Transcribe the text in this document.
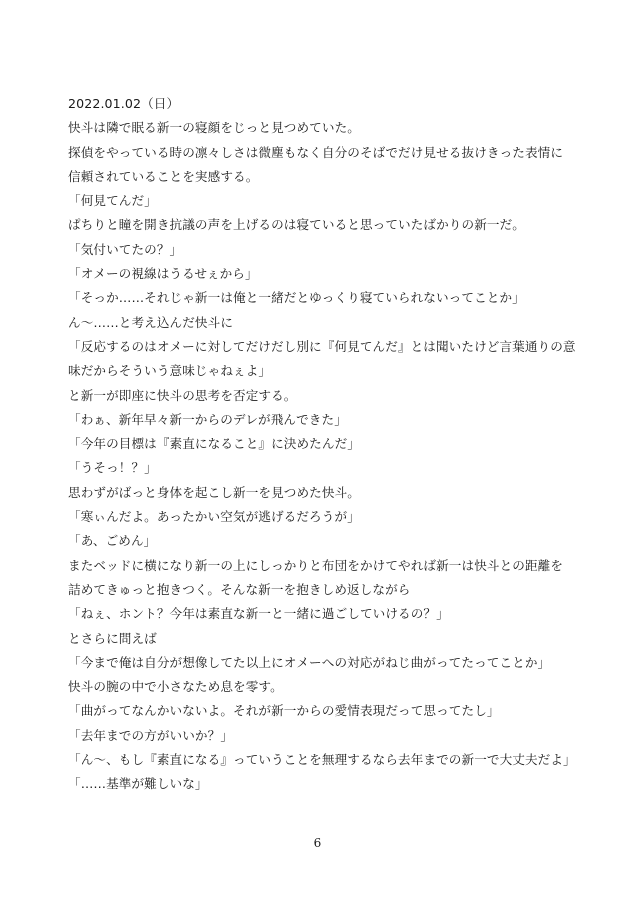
2022.01.02（日）
快斗は隣で眠る新一の寝顔をじっと見つめていた。
探偵をやっている時の凛々しさは微塵もなく自分のそばでだけ見せる抜けきった表情に
信頼されていることを実感する。
「何見てんだ」
ぱちりと瞳を開き抗議の声を上げるのは寝ていると思っていたばかりの新一だ。
「気付いてたの？」
「オメーの視線はうるせぇから」
「そっか……それじゃ新一は俺と一緒だとゆっくり寝ていられないってことか」
ん～……と考え込んだ快斗に
「反応するのはオメーに対してだけだし別に『何見てんだ』とは聞いたけど言葉通りの意
味だからそういう意味じゃねぇよ」
と新一が即座に快斗の思考を否定する。
「わぁ、新年早々新一からのデレが飛んできた」
「今年の目標は『素直になること』に決めたんだ」
「うそっ！？」
思わずがばっと身体を起こし新一を見つめた快斗。
「寒ぃんだよ。あったかい空気が逃げるだろうが」
「あ、ごめん」
またベッドに横になり新一の上にしっかりと布団をかけてやれば新一は快斗との距離を
詰めてきゅっと抱きつく。そんな新一を抱きしめ返しながら
「ねぇ、ホント？今年は素直な新一と一緒に過ごしていけるの？」
とさらに問えば
「今まで俺は自分が想像してた以上にオメーへの対応がねじ曲がってたってことか」
快斗の腕の中で小さなため息を零す。
「曲がってなんかいないよ。それが新一からの愛情表現だって思ってたし」
「去年までの方がいいか？」
「ん～、もし『素直になる』っていうことを無理するなら去年までの新一で大丈夫だよ」
「……基準が難しいな」
6
